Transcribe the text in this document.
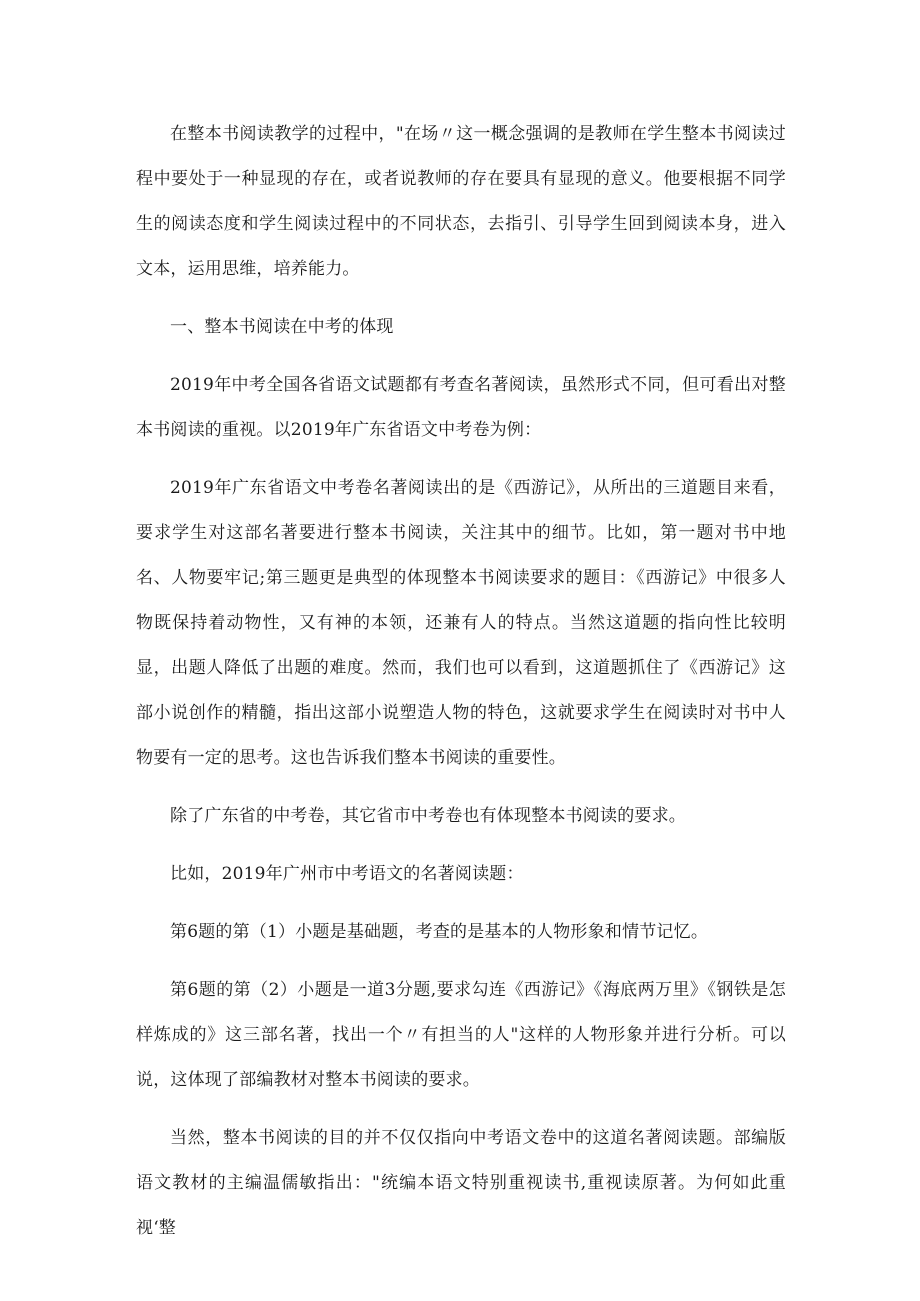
在整本书阅读教学的过程中，"在场〃这一概念强调的是教师在学生整本书阅读过程中要处于一种显现的存在，或者说教师的存在要具有显现的意义。他要根据不同学生的阅读态度和学生阅读过程中的不同状态，去指引、引导学生回到阅读本身，进入文本，运用思维，培养能力。

一、整本书阅读在中考的体现

2019年中考全国各省语文试题都有考查名著阅读，虽然形式不同，但可看出对整本书阅读的重视。以2019年广东省语文中考卷为例：

2019年广东省语文中考卷名著阅读出的是《西游记》，从所出的三道题目来看，要求学生对这部名著要进行整本书阅读，关注其中的细节。比如，第一题对书中地名、人物要牢记;第三题更是典型的体现整本书阅读要求的题目：《西游记》中很多人物既保持着动物性，又有神的本领，还兼有人的特点。当然这道题的指向性比较明显，出题人降低了出题的难度。然而，我们也可以看到，这道题抓住了《西游记》这部小说创作的精髓，指出这部小说塑造人物的特色，这就要求学生在阅读时对书中人物要有一定的思考。这也告诉我们整本书阅读的重要性。

除了广东省的中考卷，其它省市中考卷也有体现整本书阅读的要求。

比如，2019年广州市中考语文的名著阅读题：

第6题的第（1）小题是基础题，考查的是基本的人物形象和情节记忆。

第6题的第（2）小题是一道3分题,要求勾连《西游记》《海底两万里》《钢铁是怎样炼成的》这三部名著，找出一个〃有担当的人"这样的人物形象并进行分析。可以说，这体现了部编教材对整本书阅读的要求。

当然，整本书阅读的目的并不仅仅指向中考语文卷中的这道名著阅读题。部编版语文教材的主编温儒敏指出："统编本语文特别重视读书,重视读原著。为何如此重视‘整
